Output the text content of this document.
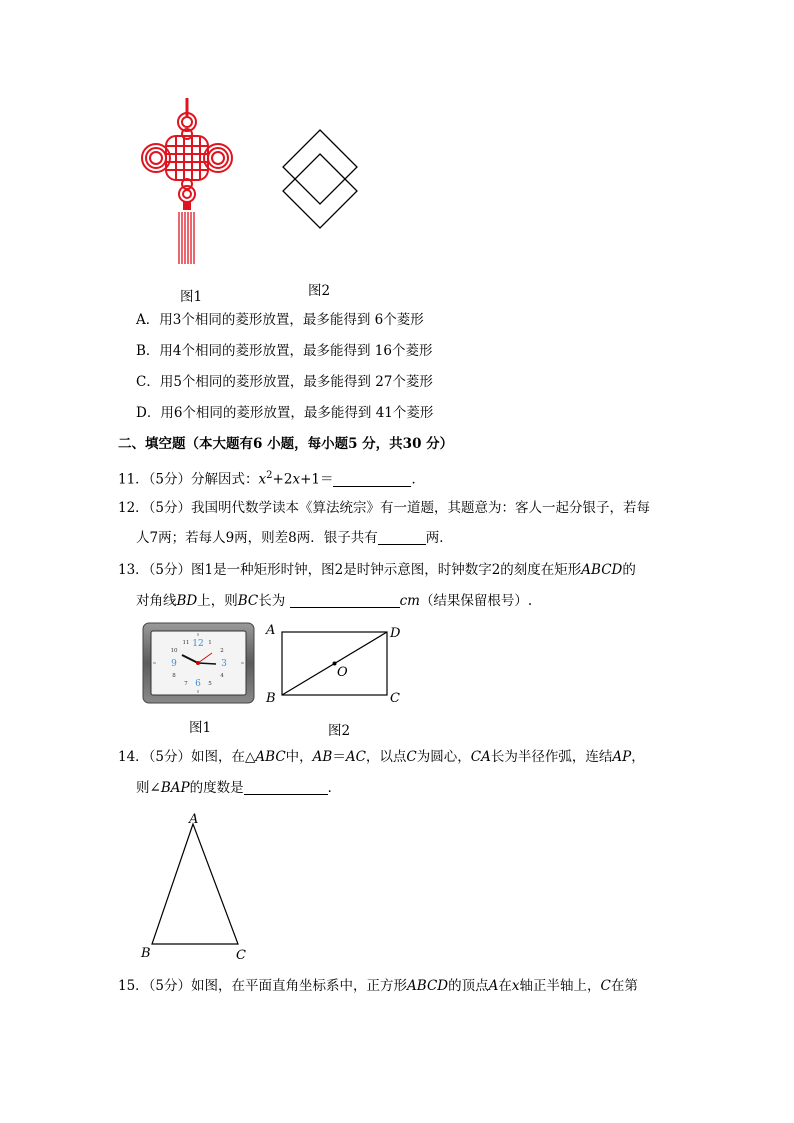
图1	图2
A．用3个相同的菱形放置，最多能得到 6个菱形
B．用4个相同的菱形放置，最多能得到 16个菱形
C．用5个相同的菱形放置，最多能得到 27个菱形
D．用6个相同的菱形放置，最多能得到 41个菱形
二、填空题（本大题有6 小题，每小题5 分，共30 分）
11．（5分）分解因式：$x^2+2x+1=$	．
12．（5分）我国明代数学读本《算法统宗》有一道题，其题意为：客人一起分银子，若每
人7两；若每人9两，则差8两．银子共有	两．
13．（5分）图1是一种矩形时钟，图2是时钟示意图，时钟数字2的刻度在矩形ABCD的
对角线BD上，则BC长为	cm（结果保留根号）.
12
3
6
9
1
2
4
5
7
8
10
11
图1
A	D
B	C
O
图2
14．（5分）如图，在△ABC中，AB＝AC，以点C为圆心，CA长为半径作弧，连结AP，
则∠BAP的度数是	．
A
B	C
15．（5分）如图，在平面直角坐标系中，正方形ABCD的顶点A在x轴正半轴上，C在第
